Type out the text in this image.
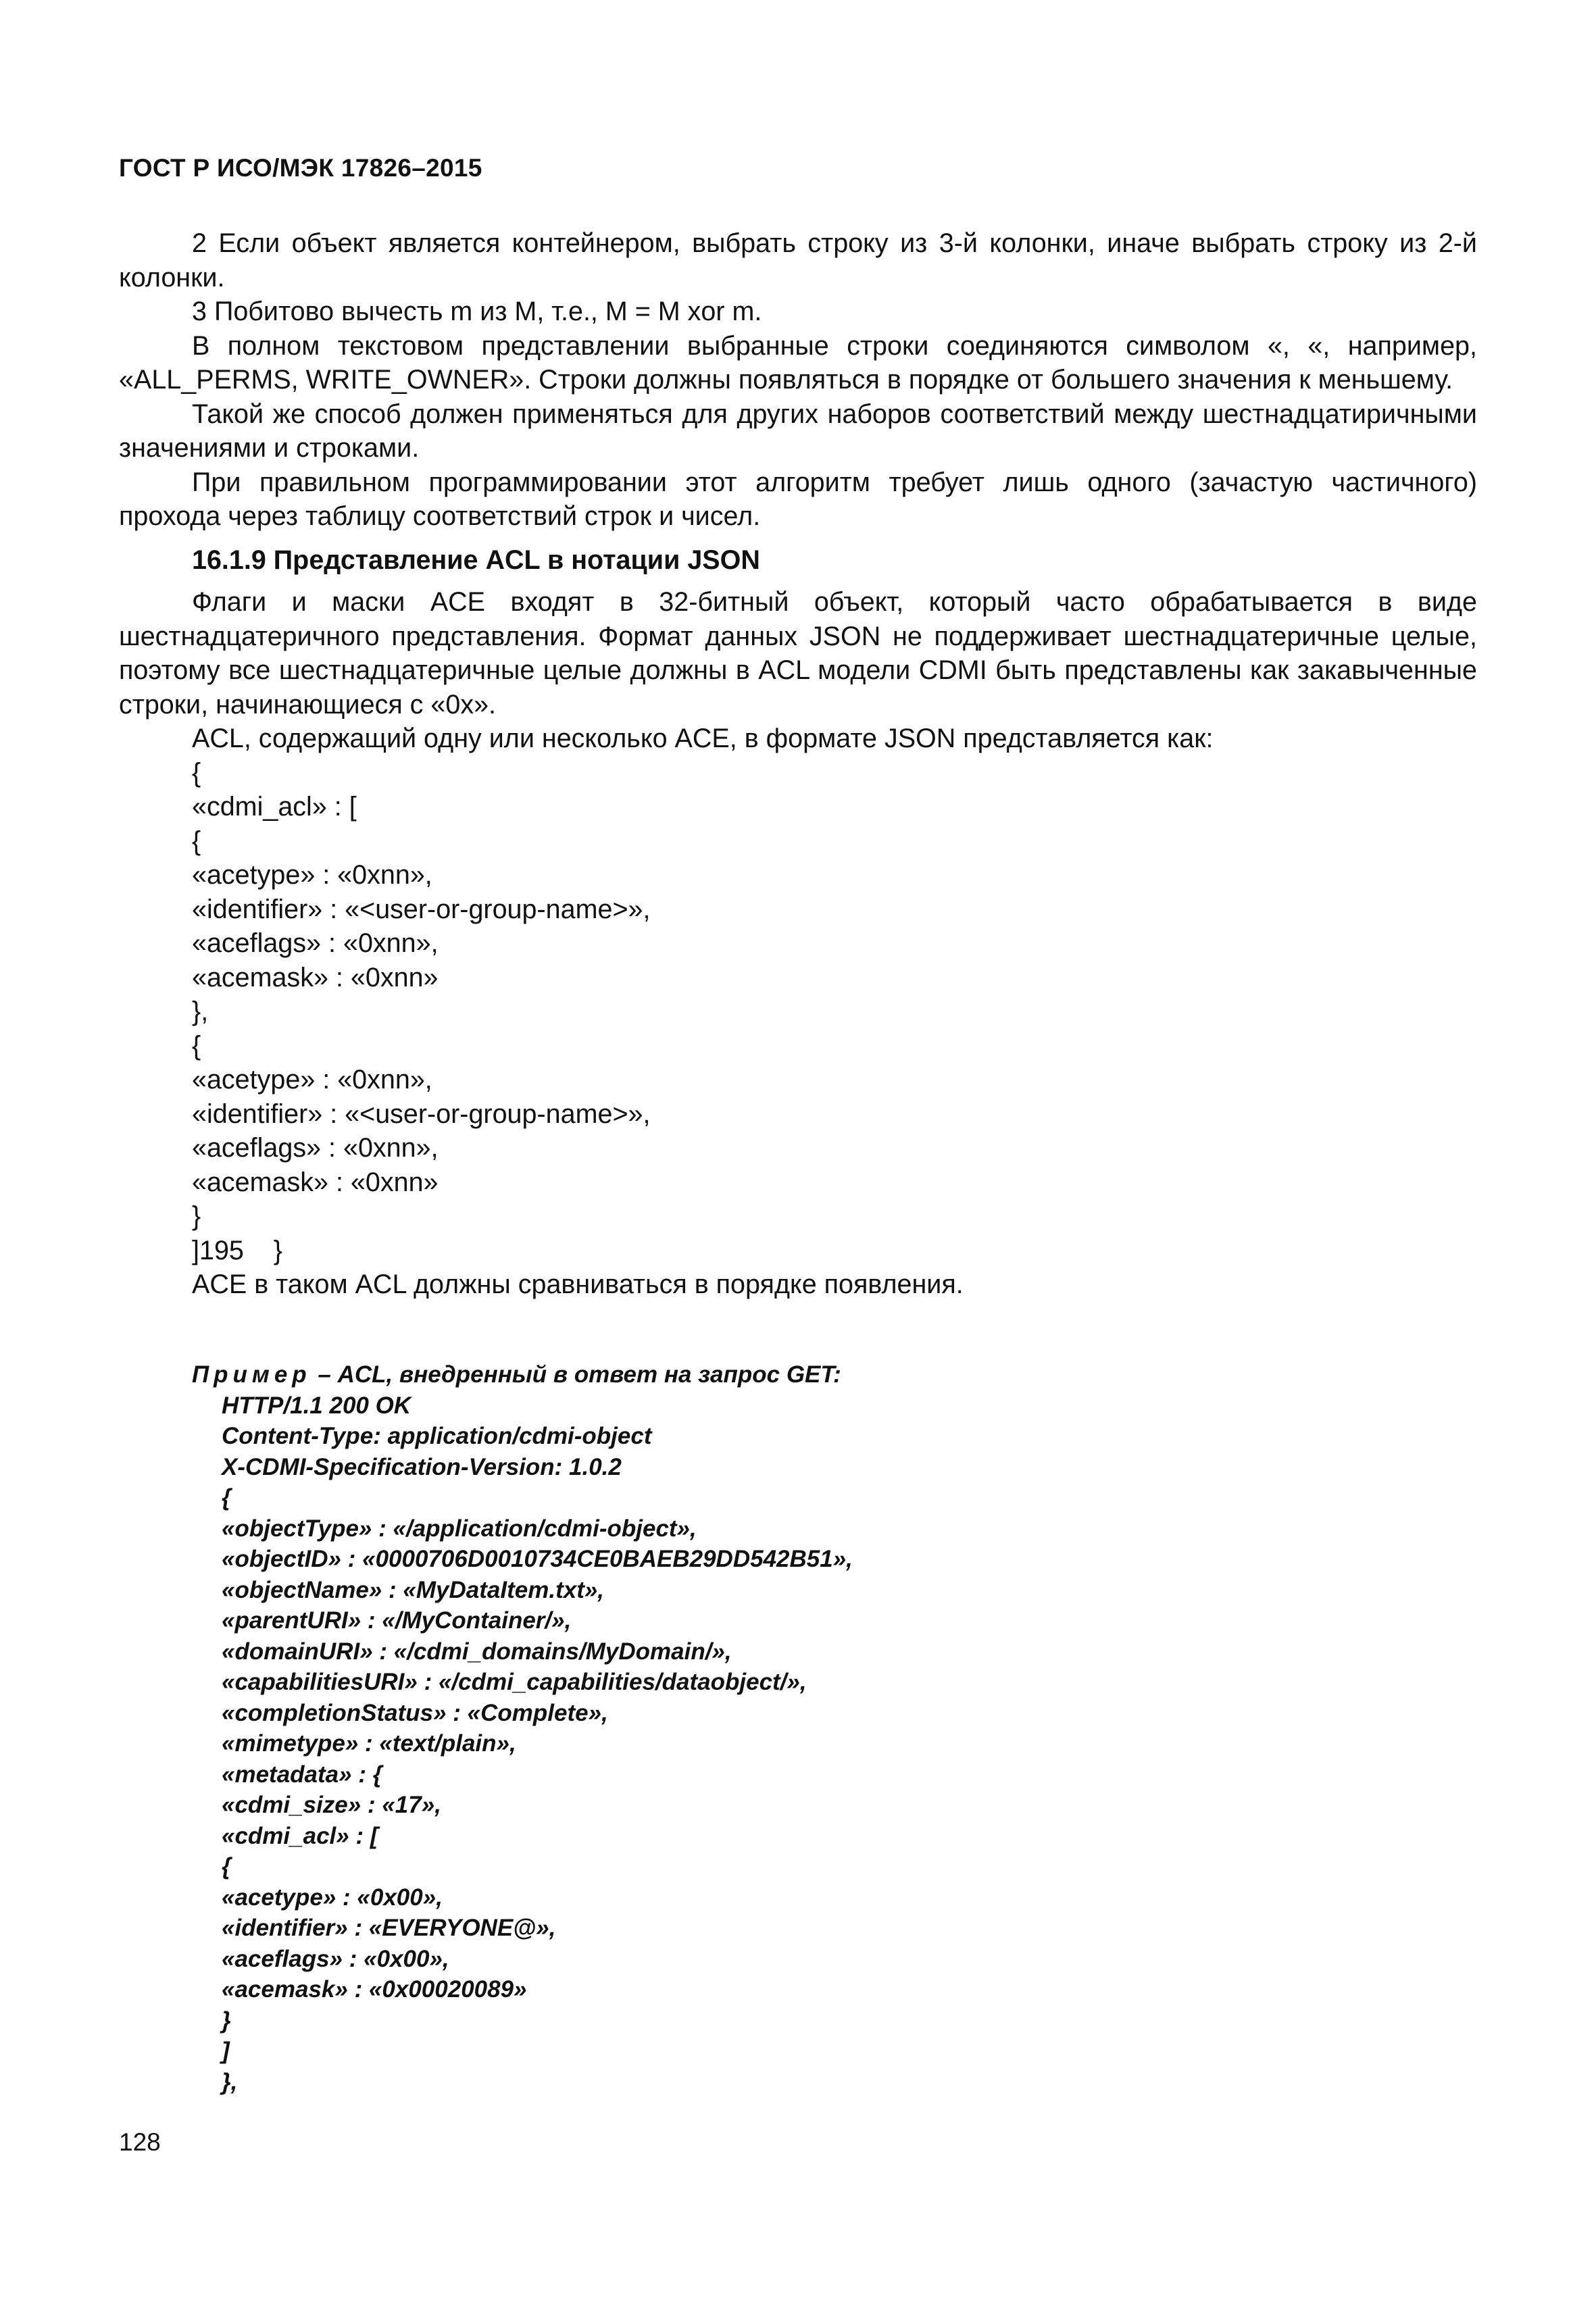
ГОСТ Р ИСО/МЭК 17826–2015

2 Если объект является контейнером, выбрать строку из 3-й колонки, иначе выбрать строку из 2-й колонки.

3 Побитово вычесть m из M, т.е., M = M xor m.

В полном текстовом представлении выбранные строки соединяются символом «, «, например, «ALL_PERMS, WRITE_OWNER». Строки должны появляться в порядке от большего значения к меньшему.

Такой же способ должен применяться для других наборов соответствий между шестнадцатиричными значениями и строками.

При правильном программировании этот алгоритм требует лишь одного (зачастую частичного) прохода через таблицу соответствий строк и чисел.

16.1.9 Представление ACL в нотации JSON

Флаги и маски ACE входят в 32-битный объект, который часто обрабатывается в виде шестнадцатеричного представления. Формат данных JSON не поддерживает шестнадцатеричные целые, поэтому все шестнадцатеричные целые должны в ACL модели CDMI быть представлены как закавыченные строки, начинающиеся с «0x».

ACL, содержащий одну или несколько ACE, в формате JSON представляется как:

{
«cdmi_acl» : [
{
«acetype» : «0xnn»,
«identifier» : «<user-or-group-name>»,
«aceflags» : «0xnn»,
«acemask» : «0xnn»
},
{
«acetype» : «0xnn»,
«identifier» : «<user-or-group-name>»,
«aceflags» : «0xnn»,
«acemask» : «0xnn»
}
]195    }
ACE в таком ACL должны сравниваться в порядке появления.
Пример – ACL, внедренный в ответ на запрос GET:
HTTP/1.1 200 OK
Content-Type: application/cdmi-object
X-CDMI-Specification-Version: 1.0.2
{
«objectType» : «/application/cdmi-object»,
«objectID» : «0000706D0010734CE0BAEB29DD542B51»,
«objectName» : «MyDataItem.txt»,
«parentURI» : «/MyContainer/»,
«domainURI» : «/cdmi_domains/MyDomain/»,
«capabilitiesURI» : «/cdmi_capabilities/dataobject/»,
«completionStatus» : «Complete»,
«mimetype» : «text/plain»,
«metadata» : {
«cdmi_size» : «17»,
«cdmi_acl» : [
{
«acetype» : «0x00»,
«identifier» : «EVERYONE@»,
«aceflags» : «0x00»,
«acemask» : «0x00020089»
}
]
},
128
